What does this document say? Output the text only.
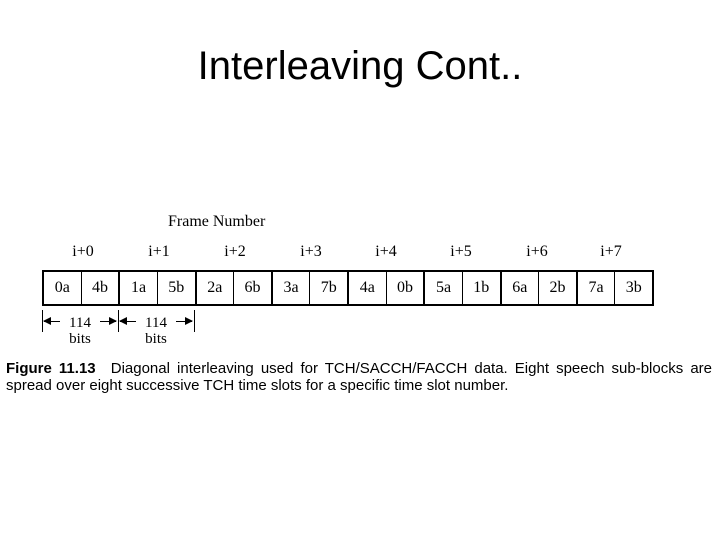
Interleaving Cont..
Frame Number
i+0	i+1	i+2	i+3	i+4	i+5	i+6	i+7
0a	4b	1a	5b	2a	6b	3a	7b	4a	0b	5a	1b	6a	2b	7a	3b
114
bits
114
bits
Figure 11.13 Diagonal interleaving used for TCH/SACCH/FACCH data. Eight speech sub-blocks are spread over eight successive TCH time slots for a specific time slot number.
